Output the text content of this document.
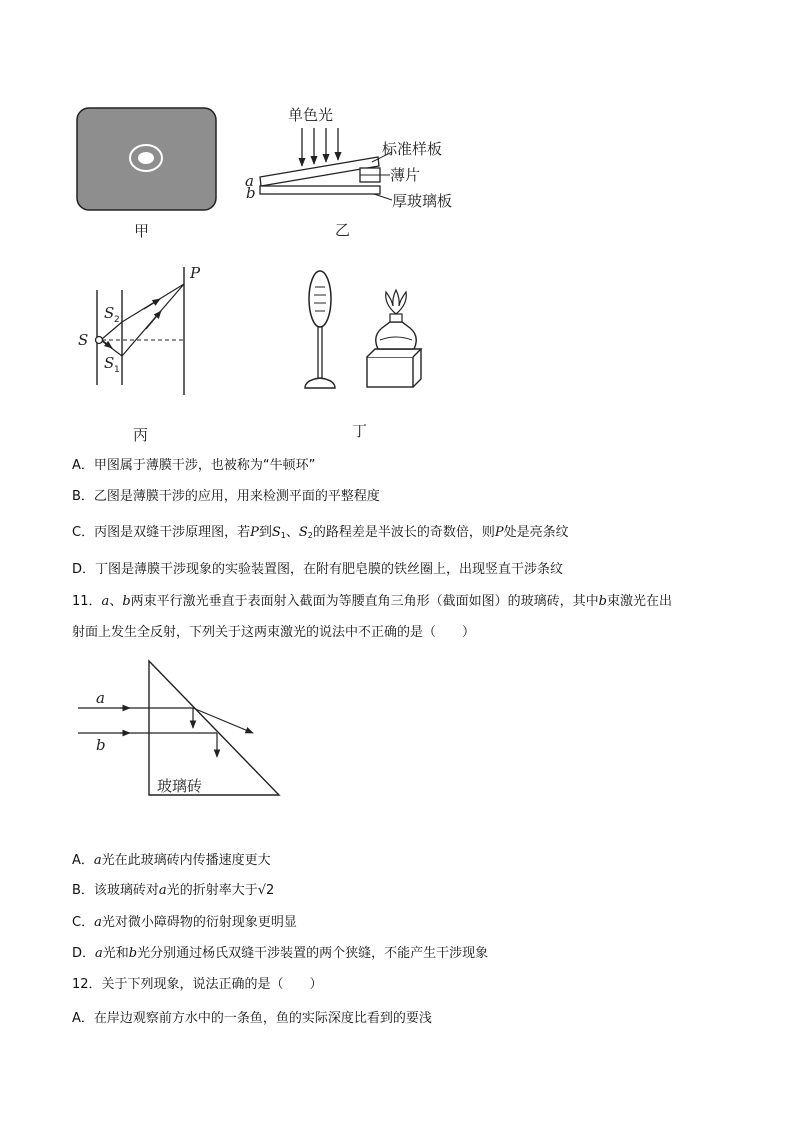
甲
单色光
标准样板
薄片
厚玻璃板
a
b
乙
S
S 2
S 1
P
丙	丁
a
b
玻璃砖
A．甲图属于薄膜干涉，也被称为“牛顿环”
B．乙图是薄膜干涉的应用，用来检测平面的平整程度
C．丙图是双缝干涉原理图，若P到$S_1$、$S_2$的路程差是半波长的奇数倍，则P处是亮条纹
D．丁图是薄膜干涉现象的实验装置图，在附有肥皂膜的铁丝圈上，出现竖直干涉条纹
11．a、b两束平行激光垂直于表面射入截面为等腰直角三角形（截面如图）的玻璃砖，其中b束激光在出
射面上发生全反射，下列关于这两束激光的说法中不正确的是（　　）
A．a光在此玻璃砖内传播速度更大
B．该玻璃砖对a光的折射率大于√2
C．a光对微小障碍物的衍射现象更明显
D．a光和b光分别通过杨氏双缝干涉装置的两个狭缝，不能产生干涉现象
12．关于下列现象，说法正确的是（　　）
A．在岸边观察前方水中的一条鱼，鱼的实际深度比看到的要浅
